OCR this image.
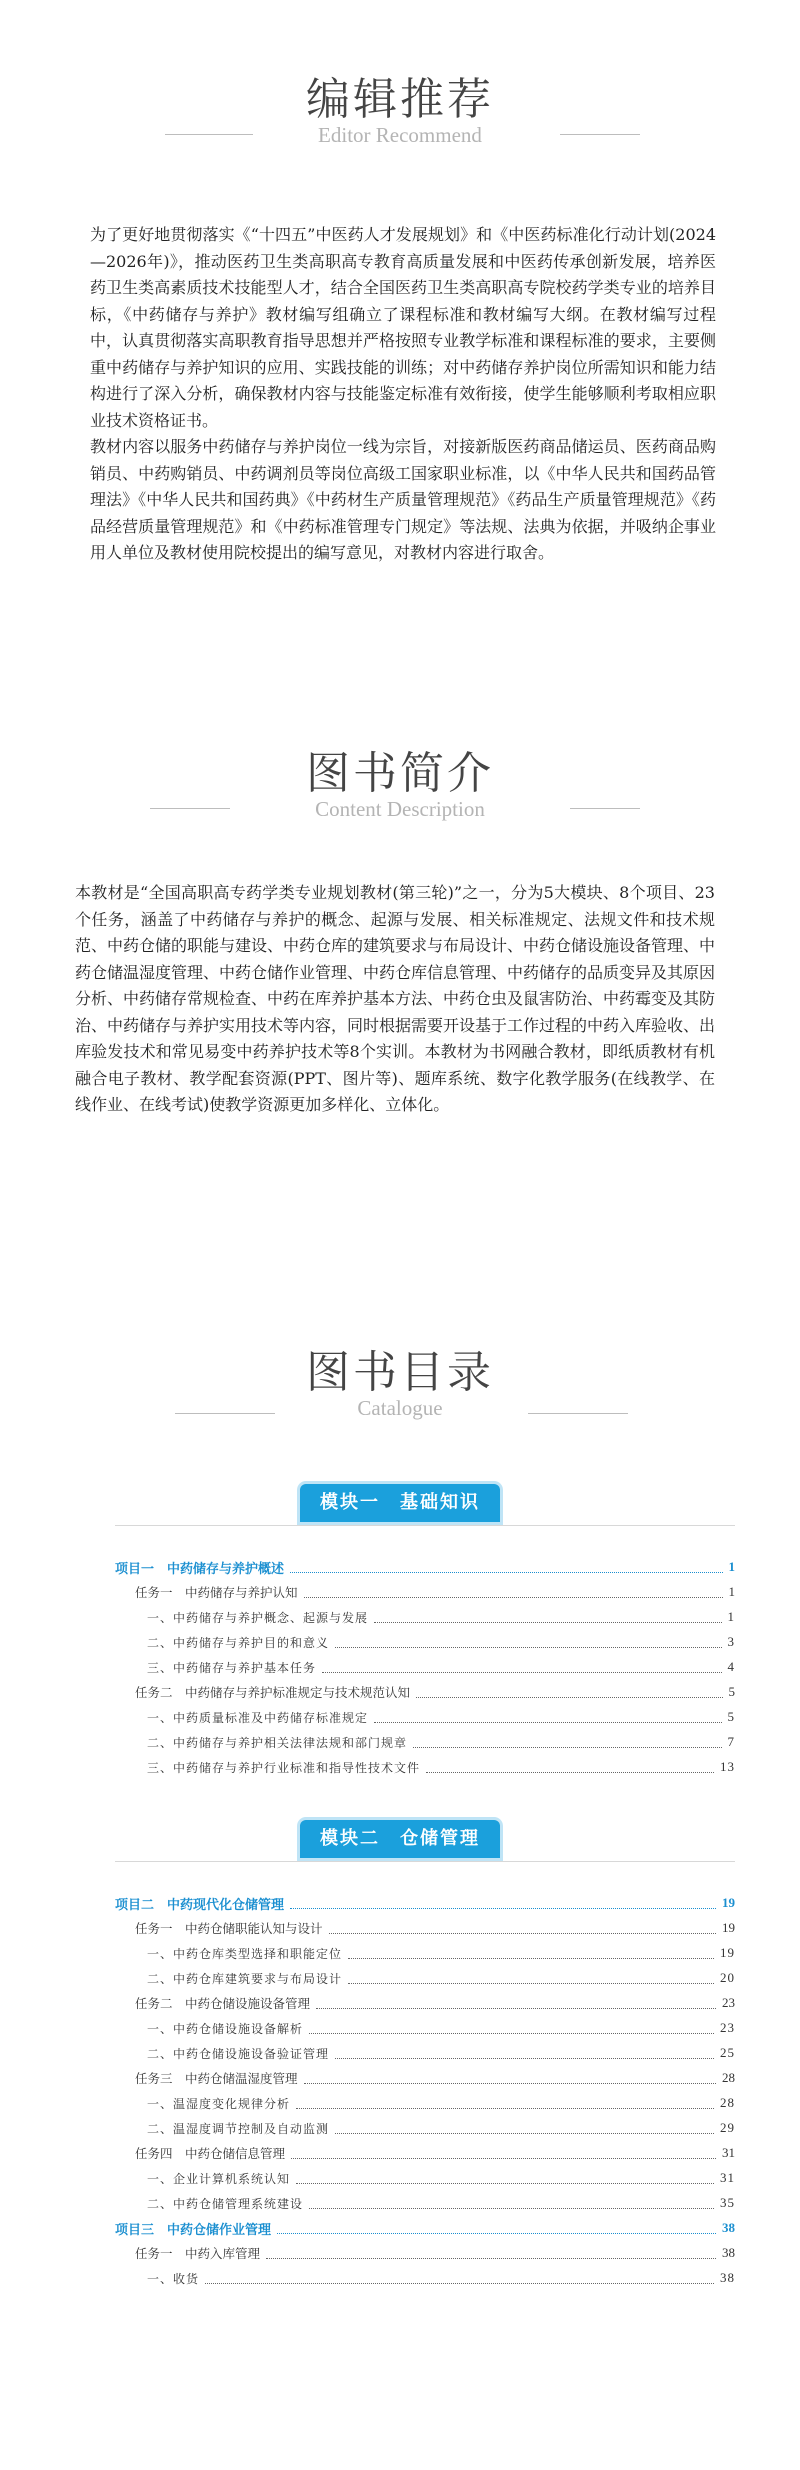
编辑推荐
Editor Recommend

为了更好地贯彻落实《“十四五”中医药人才发展规划》和《中医药标准化行动计划(2024—2026年)》，推动医药卫生类高职高专教育高质量发展和中医药传承创新发展，培养医药卫生类高素质技术技能型人才，结合全国医药卫生类高职高专院校药学类专业的培养目标，《中药储存与养护》教材编写组确立了课程标准和教材编写大纲。在教材编写过程中，认真贯彻落实高职教育指导思想并严格按照专业教学标准和课程标准的要求，主要侧重中药储存与养护知识的应用、实践技能的训练；对中药储存养护岗位所需知识和能力结构进行了深入分析，确保教材内容与技能鉴定标准有效衔接，使学生能够顺利考取相应职业技术资格证书。

教材内容以服务中药储存与养护岗位一线为宗旨，对接新版医药商品储运员、医药商品购销员、中药购销员、中药调剂员等岗位高级工国家职业标准，以《中华人民共和国药品管理法》《中华人民共和国药典》《中药材生产质量管理规范》《药品生产质量管理规范》《药品经营质量管理规范》和《中药标准管理专门规定》等法规、法典为依据，并吸纳企事业用人单位及教材使用院校提出的编写意见，对教材内容进行取舍。

图书简介
Content Description

本教材是“全国高职高专药学类专业规划教材(第三轮)”之一，分为5大模块、8个项目、23个任务，涵盖了中药储存与养护的概念、起源与发展、相关标准规定、法规文件和技术规范、中药仓储的职能与建设、中药仓库的建筑要求与布局设计、中药仓储设施设备管理、中药仓储温湿度管理、中药仓储作业管理、中药仓库信息管理、中药储存的品质变异及其原因分析、中药储存常规检查、中药在库养护基本方法、中药仓虫及鼠害防治、中药霉变及其防治、中药储存与养护实用技术等内容，同时根据需要开设基于工作过程的中药入库验收、出库验发技术和常见易变中药养护技术等8个实训。本教材为书网融合教材，即纸质教材有机融合电子教材、教学配套资源(PPT、图片等)、题库系统、数字化教学服务(在线教学、在线作业、在线考试)使教学资源更加多样化、立体化。

图书目录
Catalogue
模块一　基础知识
项目一　中药储存与养护概述	1
任务一　中药储存与养护认知	1
一、中药储存与养护概念、起源与发展	1
二、中药储存与养护目的和意义	3
三、中药储存与养护基本任务	4
任务二　中药储存与养护标准规定与技术规范认知	5
一、中药质量标准及中药储存标准规定	5
二、中药储存与养护相关法律法规和部门规章	7
三、中药储存与养护行业标准和指导性技术文件	13
模块二　仓储管理
项目二　中药现代化仓储管理	19
任务一　中药仓储职能认知与设计	19
一、中药仓库类型选择和职能定位	19
二、中药仓库建筑要求与布局设计	20
任务二　中药仓储设施设备管理	23
一、中药仓储设施设备解析	23
二、中药仓储设施设备验证管理	25
任务三　中药仓储温湿度管理	28
一、温湿度变化规律分析	28
二、温湿度调节控制及自动监测	29
任务四　中药仓储信息管理	31
一、企业计算机系统认知	31
二、中药仓储管理系统建设	35
项目三　中药仓储作业管理	38
任务一　中药入库管理	38
一、收货	38
